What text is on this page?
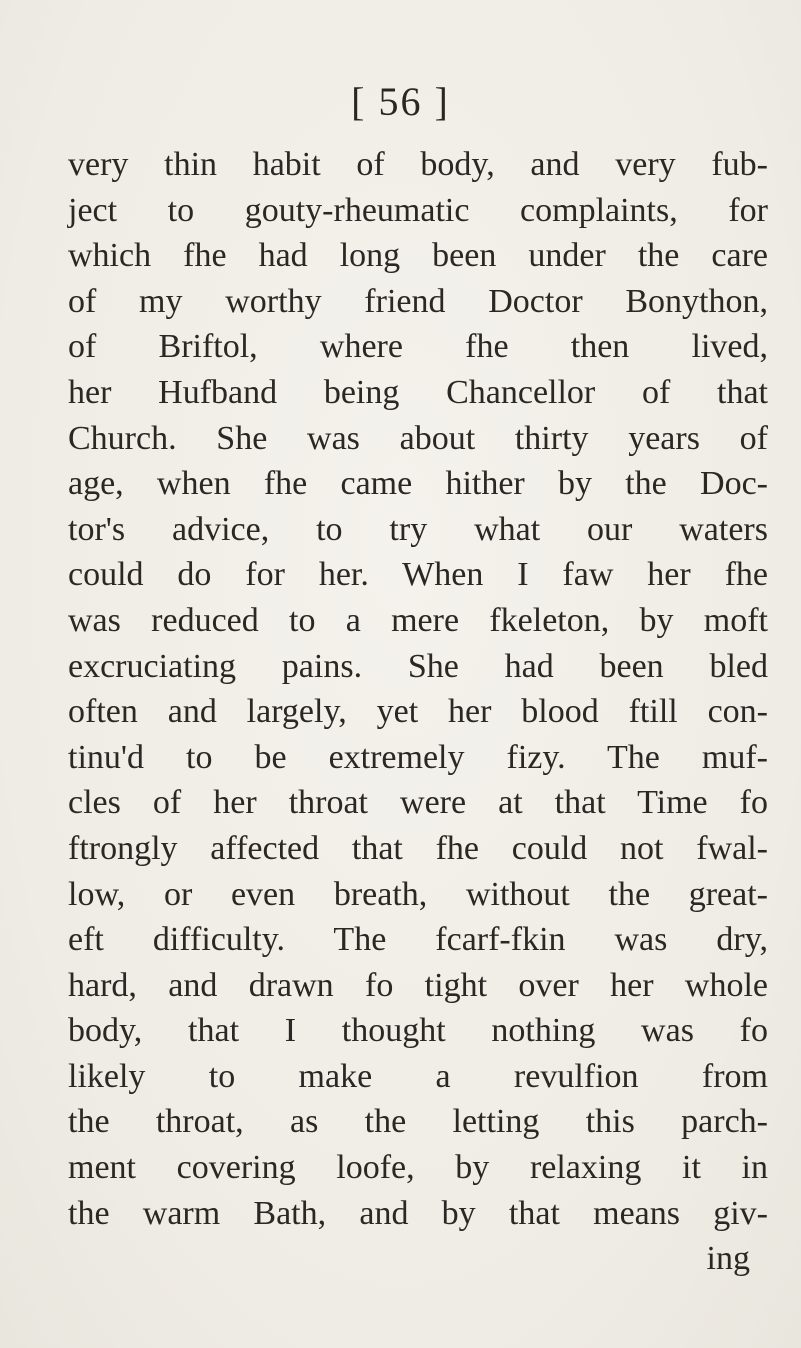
[ 56 ]
very thin habit of body, and very fub-
ject to gouty-rheumatic complaints, for
which fhe had long been under the care
of my worthy friend Doctor Bonython,
of Briftol, where fhe then lived,
her Hufband being Chancellor of that
Church. She was about thirty years of
age, when fhe came hither by the Doc-
tor's advice, to try what our waters
could do for her. When I faw her fhe
was reduced to a mere fkeleton, by moft
excruciating pains. She had been bled
often and largely, yet her blood ftill con-
tinu'd to be extremely fizy. The muf-
cles of her throat were at that Time fo
ftrongly affected that fhe could not fwal-
low, or even breath, without the great-
eft difficulty. The fcarf-fkin was dry,
hard, and drawn fo tight over her whole
body, that I thought nothing was fo
likely to make a revulfion from
the throat, as the letting this parch-
ment covering loofe, by relaxing it in
the warm Bath, and by that means giv-
ing
